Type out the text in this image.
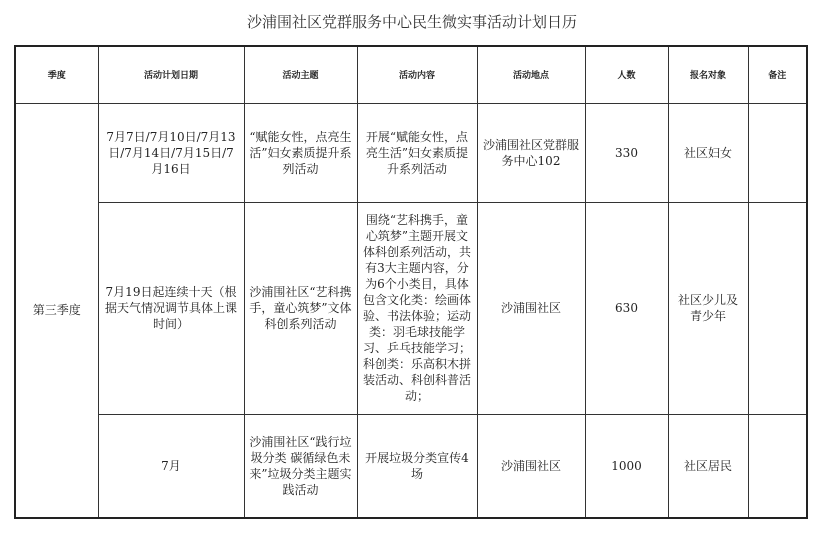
沙浦围社区党群服务中心民生微实事活动计划日历
季度	活动计划日期	活动主题	活动内容	活动地点	人数	报名对象	备注
第三季度	7月7日/7月10日/7月13日/7月14日/7月15日/7月16日	“赋能女性，点亮生活”妇女素质提升系列活动	开展“赋能女性，点亮生活”妇女素质提升系列活动	沙浦围社区党群服务中心102	330	社区妇女	
	7月19日起连续十天（根据天气情况调节具体上课时间）	沙浦围社区“艺科携手，童心筑梦”文体科创系列活动	围绕“艺科携手，童心筑梦”主题开展文体科创系列活动，共有3大主题内容，分为6个小类目，具体包含文化类：绘画体验、书法体验；运动类：羽毛球技能学习、乒乓技能学习；科创类：乐高积木拼装活动、科创科普活动；	沙浦围社区	630	社区少儿及青少年	
	7月	沙浦围社区“践行垃圾分类 碳循绿色未来”垃圾分类主题实践活动	开展垃圾分类宣传4场	沙浦围社区	1000	社区居民	
